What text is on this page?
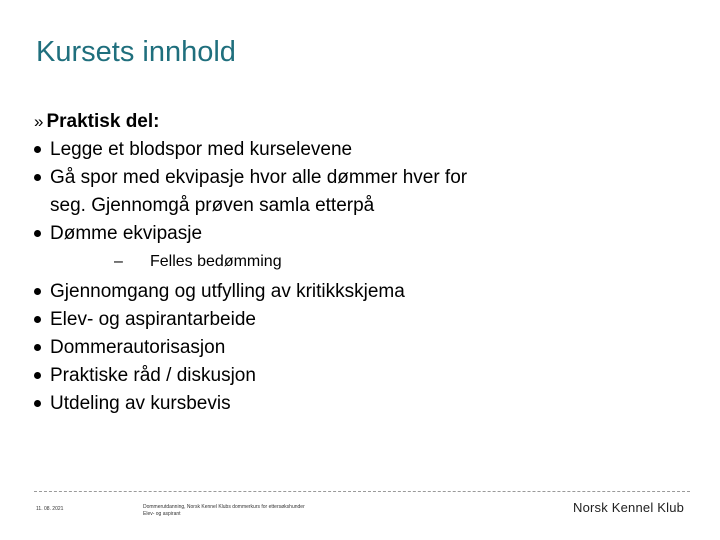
Kursets innhold
» Praktisk del:
Legge et blodspor med kurselevene
Gå spor med ekvipasje hvor alle dømmer hver for seg. Gjennomgå prøven samla etterpå
Dømme ekvipasje
– Felles bedømming
Gjennomgang og utfylling av kritikkskjema
Elev- og aspirantarbeide
Dommerautorisasjon
Praktiske råd / diskusjon
Utdeling av kursbevis
11. 08. 2021	Dommerutdanning, Norsk Kennel Klubs dommerkurs for ettersøkshunder
Elev- og aspirant	Norsk Kennel Klub
